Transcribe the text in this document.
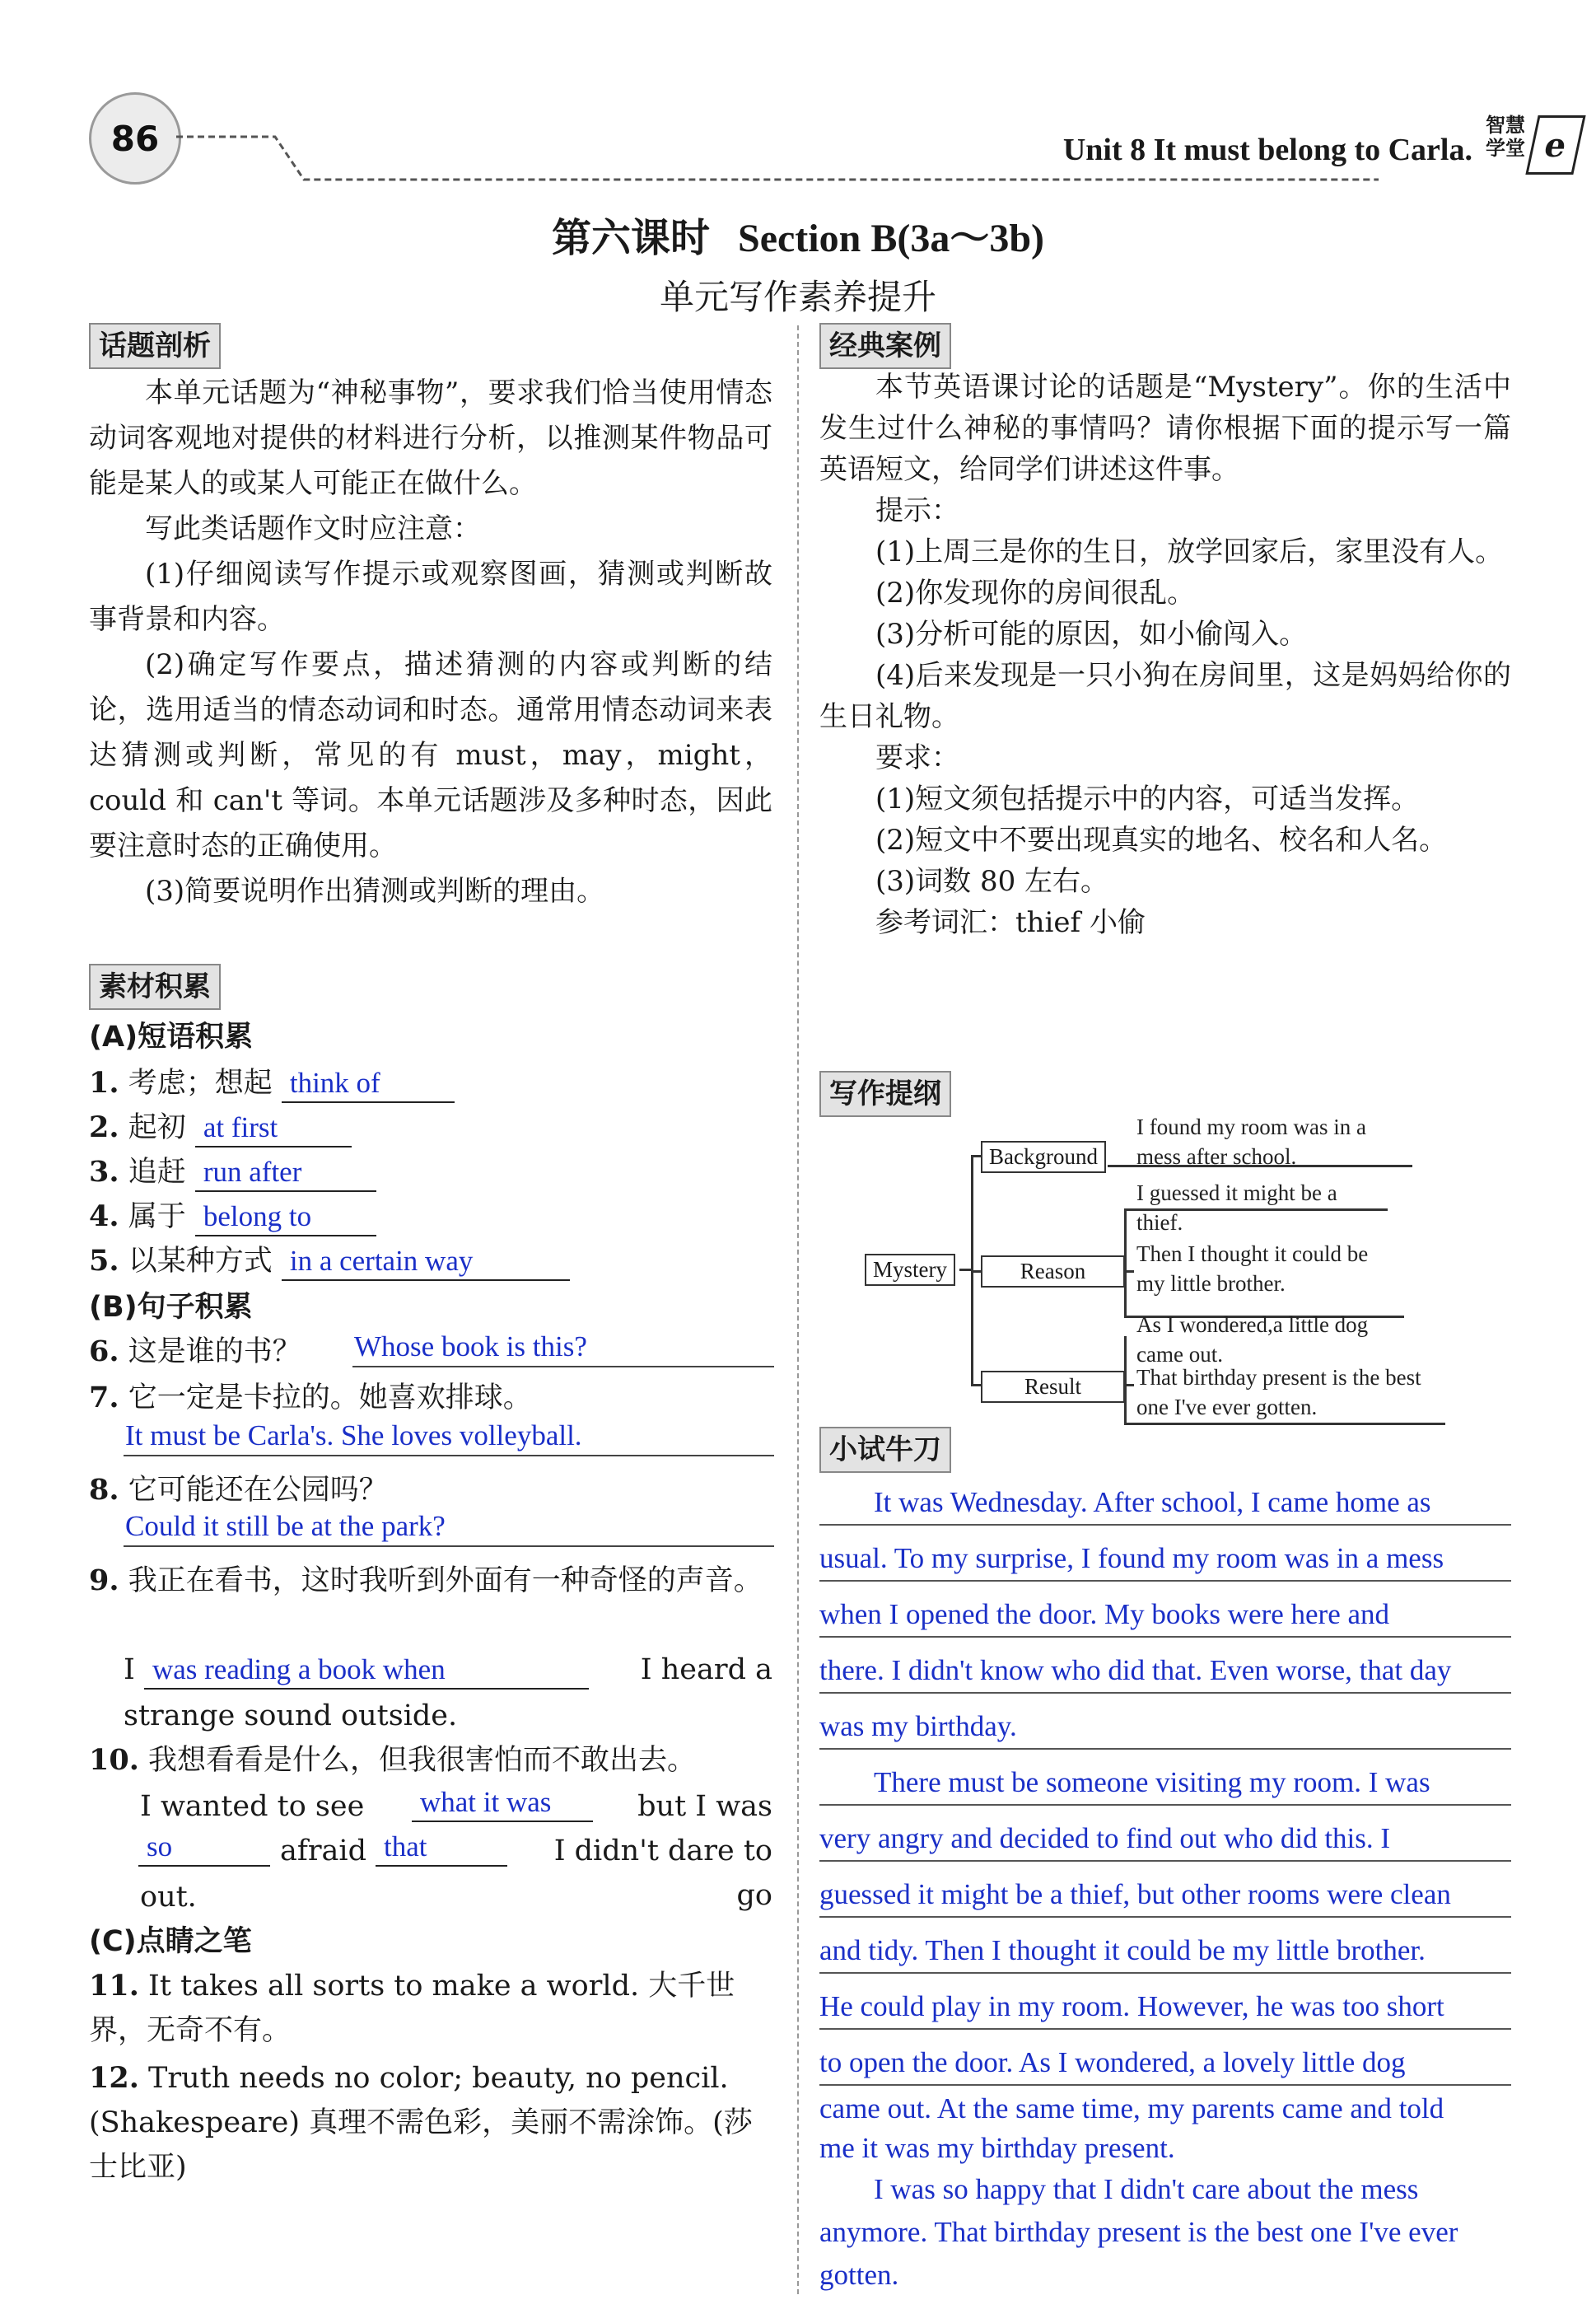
86	Unit 8 It must belong to Carla.
智慧学堂 e
第六课时 Section B(3a～3b)
单元写作素养提升
话题剖析
本单元话题为“神秘事物”，要求我们恰当使用情态动词客观地对提供的材料进行分析，以推测某件物品可能是某人的或某人可能正在做什么。
写此类话题作文时应注意：
(1)仔细阅读写作提示或观察图画，猜测或判断故事背景和内容。
(2)确定写作要点，描述猜测的内容或判断的结论，选用适当的情态动词和时态。通常用情态动词来表达猜测或判断，常见的有 must，may，might，could 和 can't 等词。本单元话题涉及多种时态，因此要注意时态的正确使用。
(3)简要说明作出猜测或判断的理由。
素材积累
(A)短语积累
1. 考虑；想起 think of
2. 起初 at first
3. 追赶 run after
4. 属于 belong to
5. 以某种方式 in a certain way
(B)句子积累
6. 这是谁的书？	Whose book is this?
7. 它一定是卡拉的。她喜欢排球。
It must be Carla's. She loves volleyball.
8. 它可能还在公园吗？
Could it still be at the park?
9. 我正在看书，这时我听到外面有一种奇怪的声音。
I was reading a book when	I heard a
strange sound outside.
10. 我想看看是什么，但我很害怕而不敢出去。
I wanted to see what it was	but I was
so	afraid that	I didn't dare to go
out.
(C)点睛之笔
11. It takes all sorts to make a world. 大千世界，无奇不有。
12. Truth needs no color; beauty, no pencil.(Shakespeare) 真理不需色彩，美丽不需涂饰。(莎士比亚)
经典案例
本节英语课讨论的话题是“Mystery”。你的生活中发生过什么神秘的事情吗？请你根据下面的提示写一篇英语短文，给同学们讲述这件事。
提示：
(1)上周三是你的生日，放学回家后，家里没有人。
(2)你发现你的房间很乱。
(3)分析可能的原因，如小偷闯入。
(4)后来发现是一只小狗在房间里，这是妈妈给你的生日礼物。
要求：
(1)短文须包括提示中的内容，可适当发挥。
(2)短文中不要出现真实的地名、校名和人名。
(3)词数 80 左右。
参考词汇：thief 小偷
写作提纲
Mystery
Background
I found my room was in a mess after school.
Reason
I guessed it might be a thief.
Then I thought it could be my little brother.
Result
As I wondered,a little dog came out.
That birthday present is the best one I've ever gotten.
小试牛刀
It was Wednesday. After school, I came home as
usual. To my surprise, I found my room was in a mess
when I opened the door. My books were here and
there. I didn't know who did that. Even worse, that day
was my birthday.
There must be someone visiting my room. I was
very angry and decided to find out who did this. I
guessed it might be a thief, but other rooms were clean
and tidy. Then I thought it could be my little brother.
He could play in my room. However, he was too short
to open the door. As I wondered, a lovely little dog
came out. At the same time, my parents came and told
me it was my birthday present.
I was so happy that I didn't care about the mess
anymore. That birthday present is the best one I've ever
gotten.
